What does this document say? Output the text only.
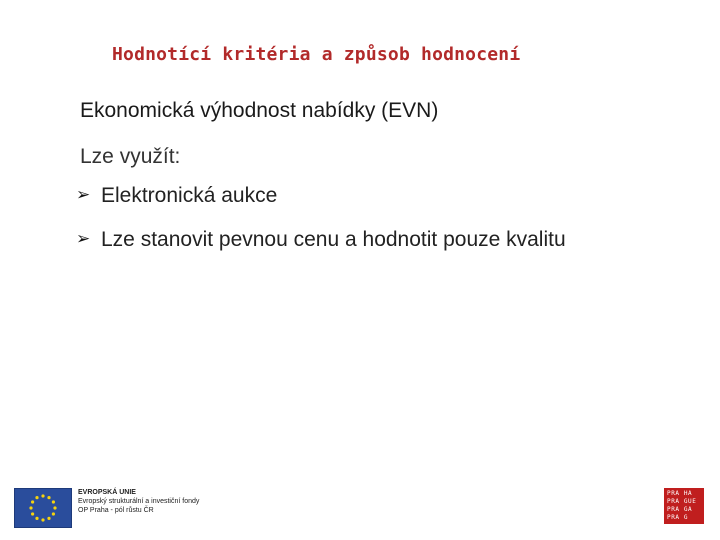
Hodnotící kritéria a způsob hodnocení
Ekonomická výhodnost nabídky (EVN)
Lze využít:
➢ Elektronická aukce
➢ Lze stanovit pevnou cenu a hodnotit pouze kvalitu
EVROPSKÁ UNIE
Evropský strukturální a investiční fondy
OP Praha - pól růstu ČR
PRA HA
PRA GUE
PRA GA
PRA G
